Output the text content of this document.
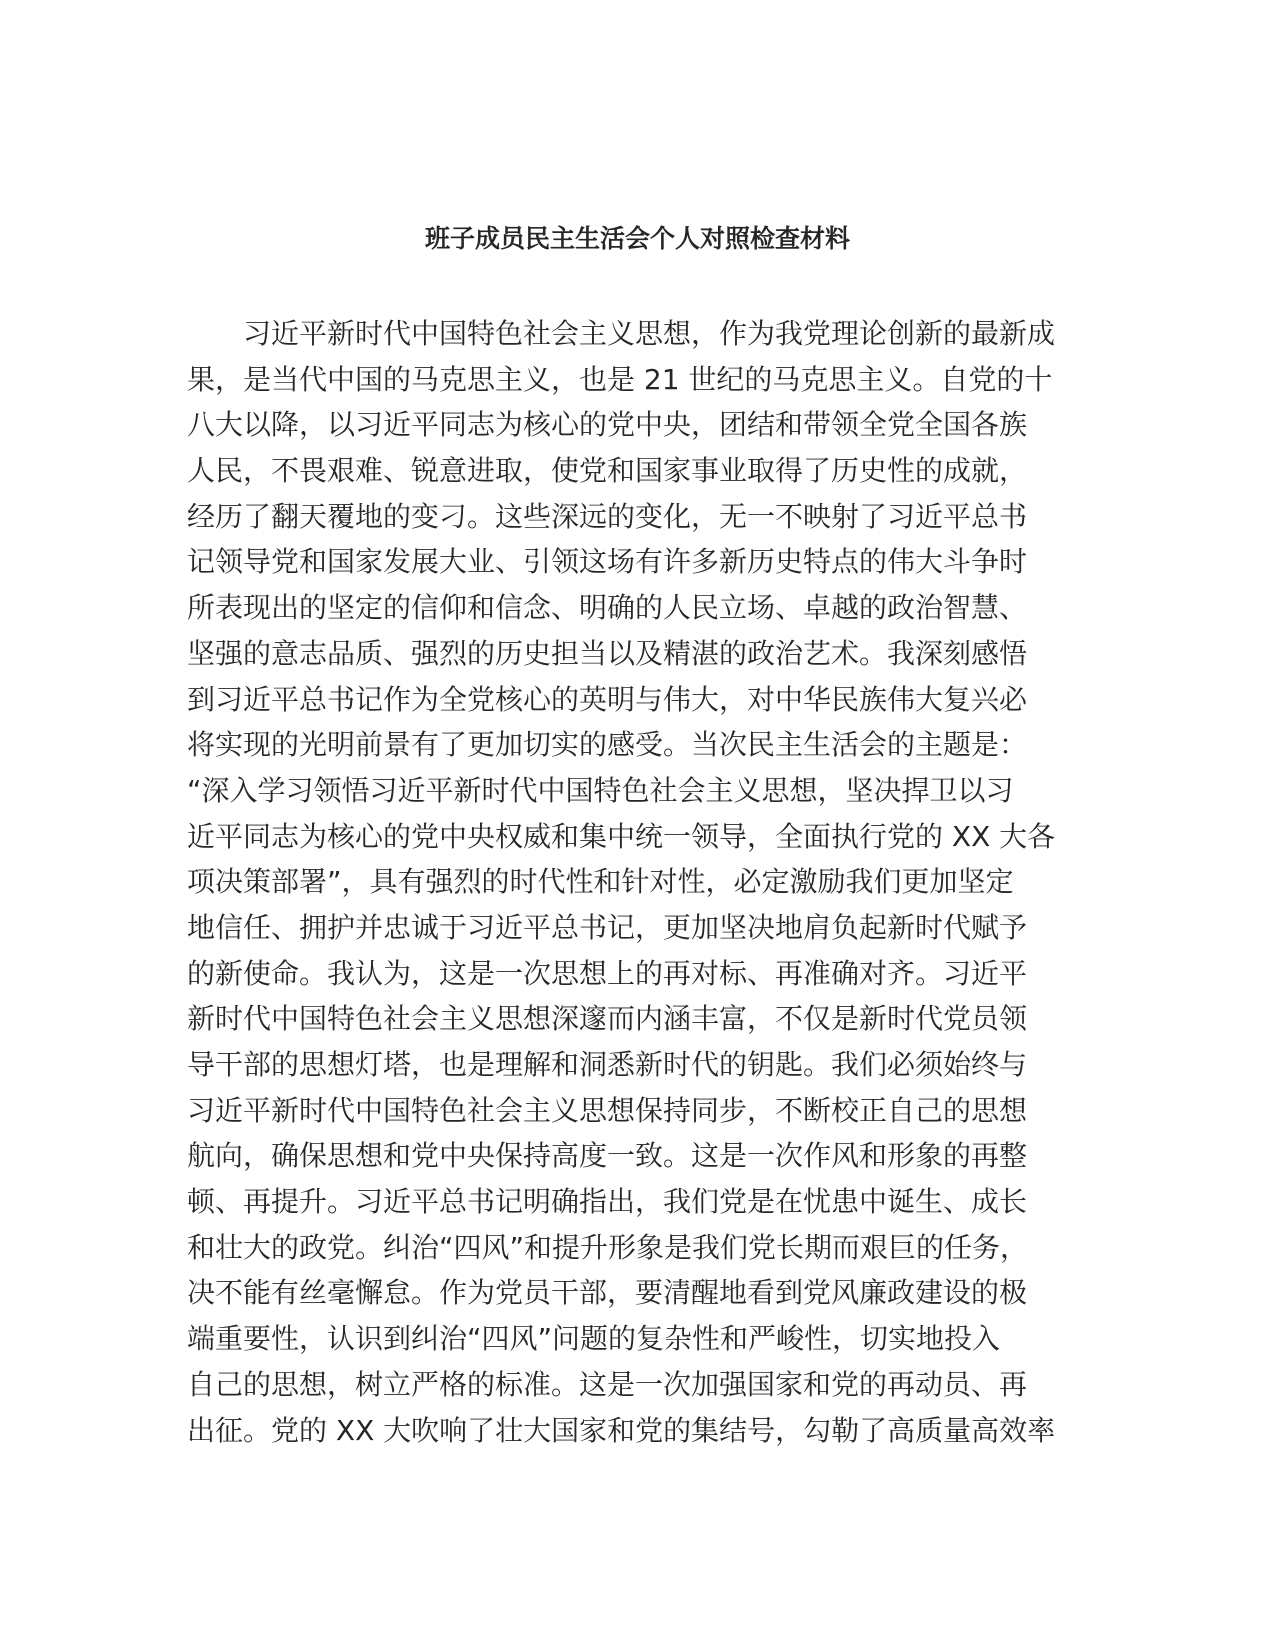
班子成员民主生活会个人对照检查材料
　　习近平新时代中国特色社会主义思想，作为我党理论创新的最新成
果，是当代中国的马克思主义，也是 21 世纪的马克思主义。自党的十
八大以降，以习近平同志为核心的党中央，团结和带领全党全国各族
人民，不畏艰难、锐意进取，使党和国家事业取得了历史性的成就，
经历了翻天覆地的变刁。这些深远的变化，无一不映射了习近平总书
记领导党和国家发展大业、引领这场有许多新历史特点的伟大斗争时
所表现出的坚定的信仰和信念、明确的人民立场、卓越的政治智慧、
坚强的意志品质、强烈的历史担当以及精湛的政治艺术。我深刻感悟
到习近平总书记作为全党核心的英明与伟大，对中华民族伟大复兴必
将实现的光明前景有了更加切实的感受。当次民主生活会的主题是：
“深入学习领悟习近平新时代中国特色社会主义思想，坚决捍卫以习
近平同志为核心的党中央权威和集中统一领导，全面执行党的 XX 大各
项决策部署”，具有强烈的时代性和针对性，必定激励我们更加坚定
地信任、拥护并忠诚于习近平总书记，更加坚决地肩负起新时代赋予
的新使命。我认为，这是一次思想上的再对标、再准确对齐。习近平
新时代中国特色社会主义思想深邃而内涵丰富，不仅是新时代党员领
导干部的思想灯塔，也是理解和洞悉新时代的钥匙。我们必须始终与
习近平新时代中国特色社会主义思想保持同步，不断校正自己的思想
航向，确保思想和党中央保持高度一致。这是一次作风和形象的再整
顿、再提升。习近平总书记明确指出，我们党是在忧患中诞生、成长
和壮大的政党。纠治“四风”和提升形象是我们党长期而艰巨的任务，
决不能有丝毫懈怠。作为党员干部，要清醒地看到党风廉政建设的极
端重要性，认识到纠治“四风”问题的复杂性和严峻性，切实地投入
自己的思想，树立严格的标准。这是一次加强国家和党的再动员、再
出征。党的 XX 大吹响了壮大国家和党的集结号，勾勒了高质量高效率
